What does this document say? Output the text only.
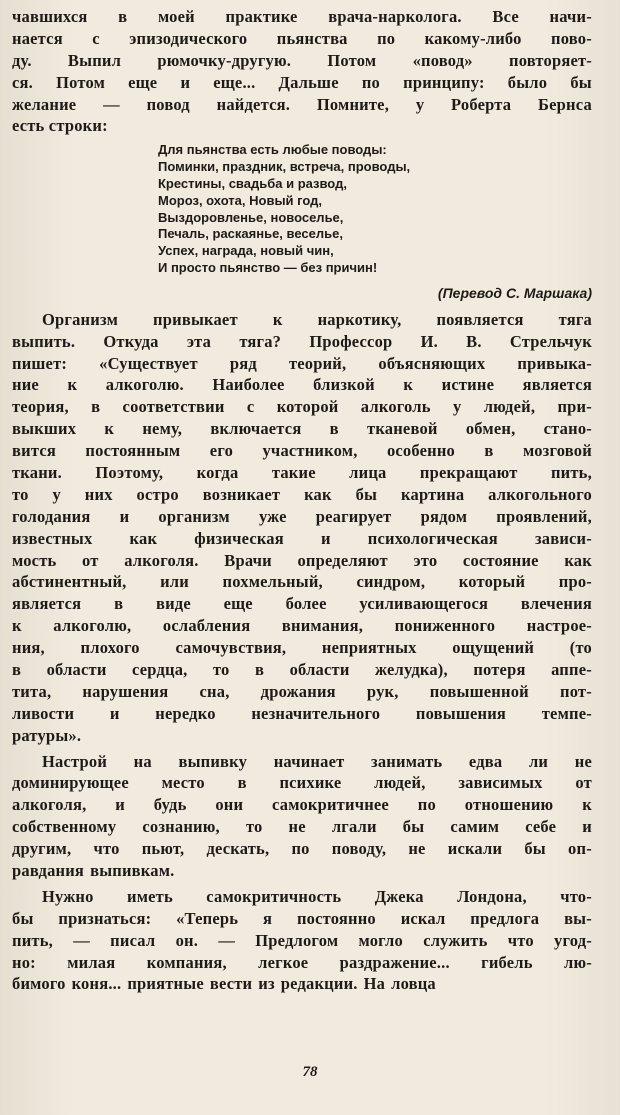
чавшихся в моей практике врача-нарколога. Все начи-
нается с эпизодического пьянства по какому-либо пово-
ду. Выпил рюмочку-другую. Потом «повод» повторяет-
ся. Потом еще и еще... Дальше по принципу: было бы
желание — повод найдется. Помните, у Роберта Бернса
есть строки:
Для пьянства есть любые поводы:
Поминки, праздник, встреча, проводы,
Крестины, свадьба и развод,
Мороз, охота, Новый год,
Выздоровленье, новоселье,
Печаль, раскаянье, веселье,
Успех, награда, новый чин,
И просто пьянство — без причин!
(Перевод С. Маршака)
Организм привыкает к наркотику, появляется тяга
выпить. Откуда эта тяга? Профессор И. В. Стрельчук
пишет: «Существует ряд теорий, объясняющих привыка-
ние к алкоголю. Наиболее близкой к истине является
теория, в соответствии с которой алкоголь у людей, при-
выкших к нему, включается в тканевой обмен, стано-
вится постоянным его участником, особенно в мозговой
ткани. Поэтому, когда такие лица прекращают пить,
то у них остро возникает как бы картина алкогольного
голодания и организм уже реагирует рядом проявлений,
известных как физическая и психологическая зависи-
мость от алкоголя. Врачи определяют это состояние как
абстинентный, или похмельный, синдром, который про-
является в виде еще более усиливающегося влечения
к алкоголю, ослабления внимания, пониженного настрое-
ния, плохого самочувствия, неприятных ощущений (то
в области сердца, то в области желудка), потеря аппе-
тита, нарушения сна, дрожания рук, повышенной пот-
ливости и нередко незначительного повышения темпе-
ратуры».
Настрой на выпивку начинает занимать едва ли не
доминирующее место в психике людей, зависимых от
алкоголя, и будь они самокритичнее по отношению к
собственному сознанию, то не лгали бы самим себе и
другим, что пьют, дескать, по поводу, не искали бы оп-
равдания выпивкам.
Нужно иметь самокритичность Джека Лондона, что-
бы признаться: «Теперь я постоянно искал предлога вы-
пить, — писал он. — Предлогом могло служить что угод-
но: милая компания, легкое раздражение... гибель лю-
бимого коня... приятные вести из редакции. На ловца
78
